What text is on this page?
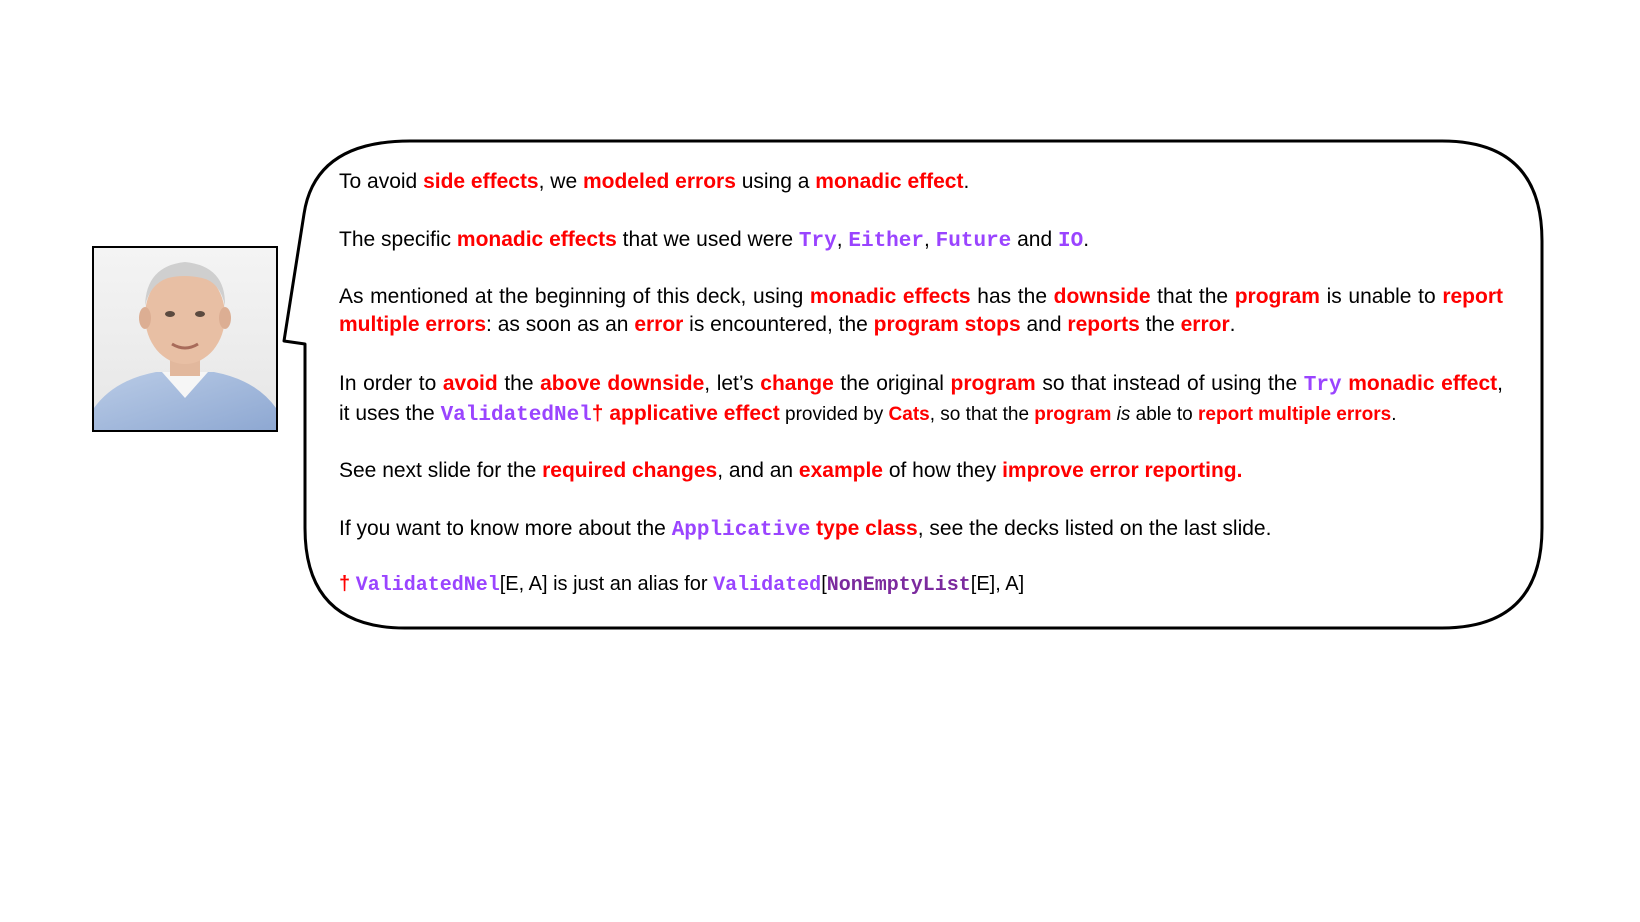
To avoid side effects, we modeled errors using a monadic effect.

The specific monadic effects that we used were Try, Either, Future and IO.

As mentioned at the beginning of this deck, using monadic effects has the downside that the program is unable to report multiple errors: as soon as an error is encountered, the program stops and reports the error.

In order to avoid the above downside, let’s change the original program so that instead of using the Try monadic effect, it uses the ValidatedNel† applicative effect provided by Cats, so that the program is able to report multiple errors.

See next slide for the required changes, and an example of how they improve error reporting.

If you want to know more about the Applicative type class, see the decks listed on the last slide.

† ValidatedNel[E, A] is just an alias for Validated[NonEmptyList[E], A]
